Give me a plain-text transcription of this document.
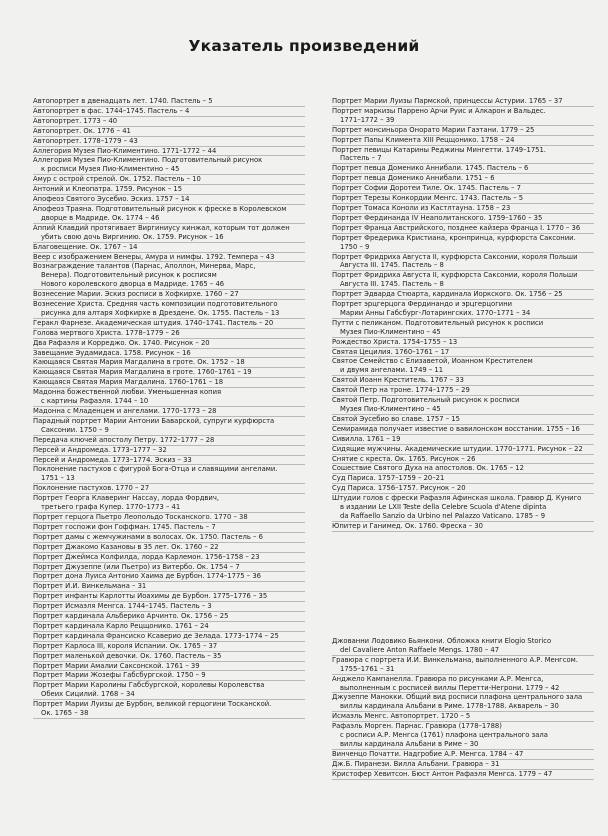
Указатель произведений
Автопортрет в двенадцать лет. 1740. Пастель – 5
Автопортрет в фас. 1744–1745. Пастель – 4
Автопортрет. 1773 – 40
Автопортрет. Ок. 1776 – 41
Автопортрет. 1778–1779 – 43
Аллегория Музея Пио-Климентино. 1771–1772 – 44
Аллегория Музея Пио-Климентино. Подготовительный рисунок
к росписи Музея Пио-Климентино – 45
Амур с острой стрелой. Ок. 1752. Пастель – 10
Антоний и Клеопатра. 1759. Рисунок – 15
Апофеоз Святого Эусебио. Эскиз. 1757 – 14
Апофеоз Траяна. Подготовительный рисунок к фреске в Королевском
дворце в Мадриде. Ок. 1774 – 46
Аппий Клавдий протягивает Виргиниусу кинжал, которым тот должен
убить свою дочь Виргинию. Ок. 1759. Рисунок – 16
Благовещение. Ок. 1767 – 14
Веер с изображением Венеры, Амура и нимфы. 1792. Темпера – 43
Вознаграждение талантов (Парнас, Аполлон, Минерва, Марс,
Венера). Подготовительный рисунок к росписям
Нового королевского дворца в Мадриде. 1765 – 46
Вознесение Марии. Эскиз росписи в Хофкирхе. 1760 – 27
Вознесение Христа. Средняя часть композиции подготовительного
рисунка для алтаря Хофкирхе в Дрездене. Ок. 1755. Пастель – 13
Геракл Фарнезе. Академическая штудия. 1740–1741. Пастель – 20
Голова мертвого Христа. 1778–1779 – 26
Два Рафаэля и Корреджо. Ок. 1740. Рисунок – 20
Завещание Эудамидаса. 1758. Рисунок – 16
Кающаяся Святая Мария Магдалина в гроте. Ок. 1752 – 18
Кающаяся Святая Мария Магдалина в гроте. 1760–1761 – 19
Кающаяся Святая Мария Магдалина. 1760–1761 – 18
Мадонна божественной любви. Уменьшенная копия
с картины Рафаэля. 1744 – 10
Мадонна с Младенцем и ангелами. 1770–1773 – 28
Парадный портрет Марии Антонии Баварской, супруги курфюрста
Саксонии. 1750 – 9
Передача ключей апостолу Петру. 1772–1777 – 28
Персей и Андромеда. 1773–1777 – 32
Персей и Андромеда. 1773–1774. Эскиз – 33
Поклонение пастухов с фигурой Бога-Отца и славящими ангелами.
1751 – 13
Поклонение пастухов. 1770 – 27
Портрет Георга Клаверинг Нассау, лорда Фордвич,
третьего графа Купер. 1770–1773 – 41
Портрет герцога Пьетро Леопольдо Тосканского. 1770 – 38
Портрет госпожи фон Гоффман. 1745. Пастель – 7
Портрет дамы с жемчужинами в волосах. Ок. 1750. Пастель – 6
Портрет Джакомо Казановы в 35 лет. Ок. 1760 – 22
Портрет Джеймса Колфилда, лорда Карлемон. 1756–1758 – 23
Портрет Джузеппе (или Пьетро) из Витербо. Ок. 1754 – 7
Портрет дона Луиса Антонио Хаима де Бурбон. 1774–1775 – 36
Портрет И.И. Винкельмана – 31
Портрет инфанты Карлотты Иоахимы де Бурбон. 1775–1776 – 35
Портрет Исмаэля Менгса. 1744–1745. Пастель – 3
Портрет кардинала Альберико Арчинто. Ок. 1756 – 25
Портрет кардинала Карло Рецщонико. 1761 – 24
Портрет кардинала Франсиско Ксаверио де Зелада. 1773–1774 – 25
Портрет Карлоса III, короля Испании. Ок. 1765 – 37
Портрет маленькой девочки. Ок. 1760. Пастель – 35
Портрет Марии Амалии Саксонской. 1761 – 39
Портрет Марии Жозефы Габсбургской. 1750 – 9
Портрет Марии Каролины Габсбургской, королевы Королевства
Обеих Сицилий. 1768 – 34
Портрет Марии Луизы де Бурбон, великой герцогини Тосканской.
Ок. 1765 – 38
Портрет Марии Луизы Пармской, принцессы Астурии. 1765 – 37
Портрет маркизы Паррено Арчи Руис и Алкарон и Вальдес.
1771–1772 – 39
Портрет монсиньора Онорато Марии Гаэтани. 1779 – 25
Портрет Папы Климента XIII Рецщонико. 1758 – 24
Портрет певицы Катарины Реджины Мингетти. 1749–1751.
Пастель – 7
Портрет певца Доменико Аннибали. 1745. Пастель – 6
Портрет певца Доменико Аннибали. 1751 – 6
Портрет Софии Доротеи Тиле. Ок. 1745. Пастель – 7
Портрет Терезы Конкордии Менгс. 1743. Пастель – 5
Портрет Томаса Коноли из Кастлтауна. 1758 – 23
Портрет Фердинанда IV Неаполитанского. 1759–1760 – 35
Портрет Франца Австрийского, позднее кайзера Франца I. 1770 – 36
Портрет Фредерика Кристиана, кронпринца, курфюрста Саксонии.
1750 – 9
Портрет Фридриха Августа II, курфюрста Саксонии, короля Польши
Августа III. 1745. Пастель – 8
Портрет Фридриха Августа II, курфюрста Саксонии, короля Польши
Августа III. 1745. Пастель – 8
Портрет Эдварда Стюарта, кардинала Йоркского. Ок. 1756 – 25
Портрет эрцгерцога Фердинандо и эрцгерцогини
Марии Анны Габсбург-Лотарингских. 1770–1771 – 34
Путти с пеликаном. Подготовительный рисунок к росписи
Музея Пио-Климентино – 45
Рождество Христа. 1754–1755 – 13
Святая Цецилия. 1760–1761 – 17
Святое Семейство с Елизаветой, Иоанном Крестителем
и двумя ангелами. 1749 – 11
Святой Иоанн Креститель. 1767 – 33
Святой Петр на троне. 1774–1775 – 29
Святой Петр. Подготовительный рисунок к росписи
Музея Пио-Климентино – 45
Святой Эусебио во славе. 1757 – 15
Семирамида получает известие о вавилонском восстании. 1755 – 16
Сивилла. 1761 – 19
Сидящие мужчины. Академические штудии. 1770–1771. Рисунок – 22
Снятие с креста. Ок. 1765. Рисунок – 26
Сошествие Святого Духа на апостолов. Ок. 1765 – 12
Суд Париса. 1757–1759 – 20–21
Суд Париса. 1756–1757. Рисунок – 20
Штудии голов с фрески Рафаэля Афинская школа. Гравюр Д. Куниго
в издании Le LXII Teste della Celebre Scuola d'Atene dipinta
da Raffaello Sanzio da Urbino nel Palazzo Vaticano. 1785 – 9
Юпитер и Ганимед. Ок. 1760. Фреска – 30
Джованни Лодовико Бьянкони. Обложка книги Elogio Storico
del Cavaliere Anton Raffaele Mengs. 1780 – 47
Гравюра с портрета И.И. Винкельмана, выполненного А.Р. Менгсом.
1755–1761 – 31
Анджело Кампанелла. Гравюра по рисунками А.Р. Менгса,
выполненным с росписей виллы Перетти-Негрони. 1779 – 42
Джузеппе Манокки. Общий вид росписи плафона центрального зала
виллы кардинала Альбани в Риме. 1778–1788. Акварель – 30
Исмаэль Менгс. Автопортрет. 1720 – 5
Рафаэль Морген. Парнас. Гравюра (1778–1788)
с росписи А.Р. Менгса (1761) плафона центрального зала
виллы кардинала Альбани в Риме – 30
Винченцо Початти. Надгробие А.Р. Менгса. 1784 – 47
Дж.Б. Пиранези. Вилла Альбани. Гравюра – 31
Кристофер Хевитсон. Бюст Антон Рафаэля Менгса. 1779 – 47
